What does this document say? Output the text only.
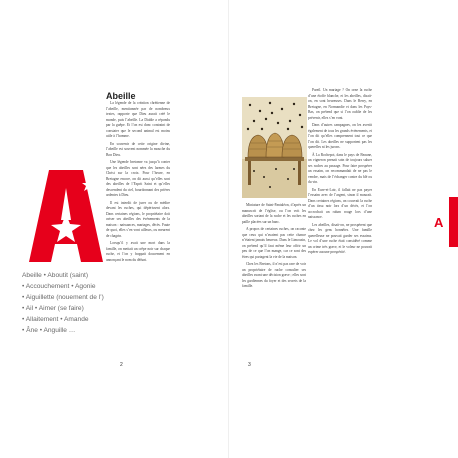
Abeille

La légende de la création chrétienne de l’abeille, mentionnée par de nombreux textes, rapporte que Dieu aurait créé le monde, puis l’abeille. La Diable a répondu par la guêpe. Et l’on est donc contraint de constater que le second animal est moins utile à l’homme.

En souvenir de cette origine divine, l’abeille est souvent nommée la mouche du Bon Dieu.

Une légende bretonne va jusqu’à conter que les abeilles sont nées des larmes du Christ sur la croix. Pour l’heure, en Bretagne encore, on dit aussi qu’elles sont des abeilles de l’Esprit Saint et qu’elles descendent du ciel, bourdonnant des prières ardentes à Dieu.

Il est interdit de jurer ou de médire devant les ruches, qui dépérissent alors. Dans certaines régions, le propriétaire doit aviser ses abeilles des événements de la maison : naissances, mariages, décès. Faute de quoi, elles s’en vont ailleurs, ou meurent de chagrin.

Lorsqu’il y avait une mort dans la famille, on mettait un crêpe noir sur chaque ruche, et l’on y frappait doucement en annonçant le nom du défunt.

Abeille • Aboutit (saint)
• Accouchement • Agonie
• Aiguillette (nouement de l’)
• Ail • Aimer (se faire)
• Allaitement • Amande
• Âne • Anguille …
2

Miniature de Saint-Pantaléon, d’après un manuscrit de l’église, ou l’on voit les abeilles sortant de la ruche et les ruches en paille placées sur un banc.

A propos de certaines ruches, on raconte que ceux qui n’avaient pas cette chance n’étaient jamais heureux. Dans le Limousin, on prétend qu’il faut même leur offrir un peu de ce que l’on mange, car ce sont des êtres qui partagent la vie de la maison.

Chez les Bretons, il n’est pas rare de voir un propriétaire de ruche consulter ses abeilles avant une décision grave ; elles sont les gardiennes du foyer et des secrets de la famille.

Pareil. Un mariage ? On orne la ruche d’une étoffe blanche, et les abeilles, disait-on, en sont heureuses. Dans le Berry, en Bretagne, en Normandie et dans les Pays-Bas, on prétend que si l’on oublie de les prévenir, elles s’en vont.

Dans d’autres campagnes, on les avertit également de tous les grands événements, et l’on dit qu’elles comprennent tout ce que l’on dit. Les abeilles ne supportent pas les querelles ni les jurons.

À La Rochepot, dans le pays de Beaune, un vigneron prenait soin de toujours saluer ses ruches au passage. Pour faire prospérer un essaim, on recommandait de ne pas le vendre, mais de l’échanger contre du blé ou du vin.

En Eure-et-Loir, il fallait ne pas payer l’essaim avec de l’argent, sinon il mourait. Dans certaines régions, on couvrait la ruche d’un tissu noir lors d’un décès, et l’on accrochait un ruban rouge lors d’une naissance.

Les abeilles, disait-on, ne prospèrent que chez les gens honnêtes. Une famille querelleuse ne pouvait garder ses essaims. Le vol d’une ruche était considéré comme un crime très grave, et le voleur ne pouvait espérer aucune prospérité.

3
A
